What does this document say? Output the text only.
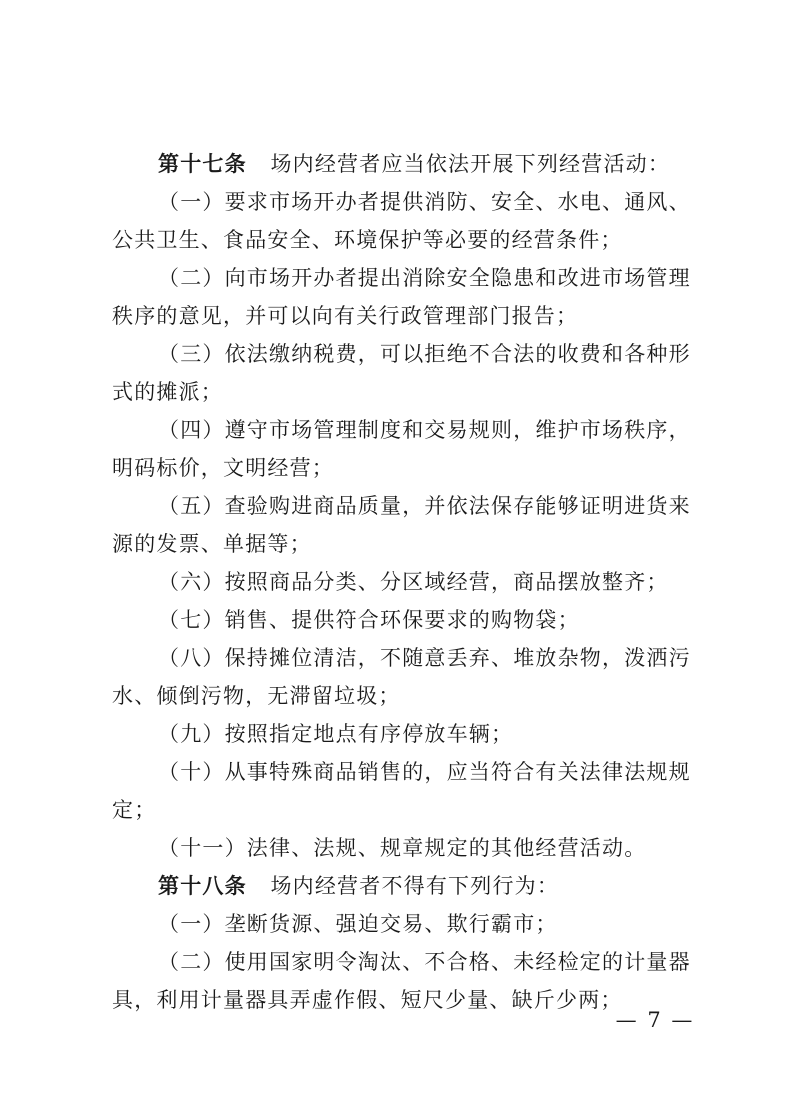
第十七条 场内经营者应当依法开展下列经营活动：

（一）要求市场开办者提供消防、安全、水电、通风、公共卫生、食品安全、环境保护等必要的经营条件；

（二）向市场开办者提出消除安全隐患和改进市场管理秩序的意见，并可以向有关行政管理部门报告；

（三）依法缴纳税费，可以拒绝不合法的收费和各种形式的摊派；

（四）遵守市场管理制度和交易规则，维护市场秩序，明码标价，文明经营；

（五）查验购进商品质量，并依法保存能够证明进货来源的发票、单据等；

（六）按照商品分类、分区域经营，商品摆放整齐；

（七）销售、提供符合环保要求的购物袋；

（八）保持摊位清洁，不随意丢弃、堆放杂物，泼洒污水、倾倒污物，无滞留垃圾；

（九）按照指定地点有序停放车辆；

（十）从事特殊商品销售的，应当符合有关法律法规规定；

（十一）法律、法规、规章规定的其他经营活动。

第十八条 场内经营者不得有下列行为：

（一）垄断货源、强迫交易、欺行霸市；

（二）使用国家明令淘汰、不合格、未经检定的计量器具，利用计量器具弄虚作假、短尺少量、缺斤少两；

— 7 —
